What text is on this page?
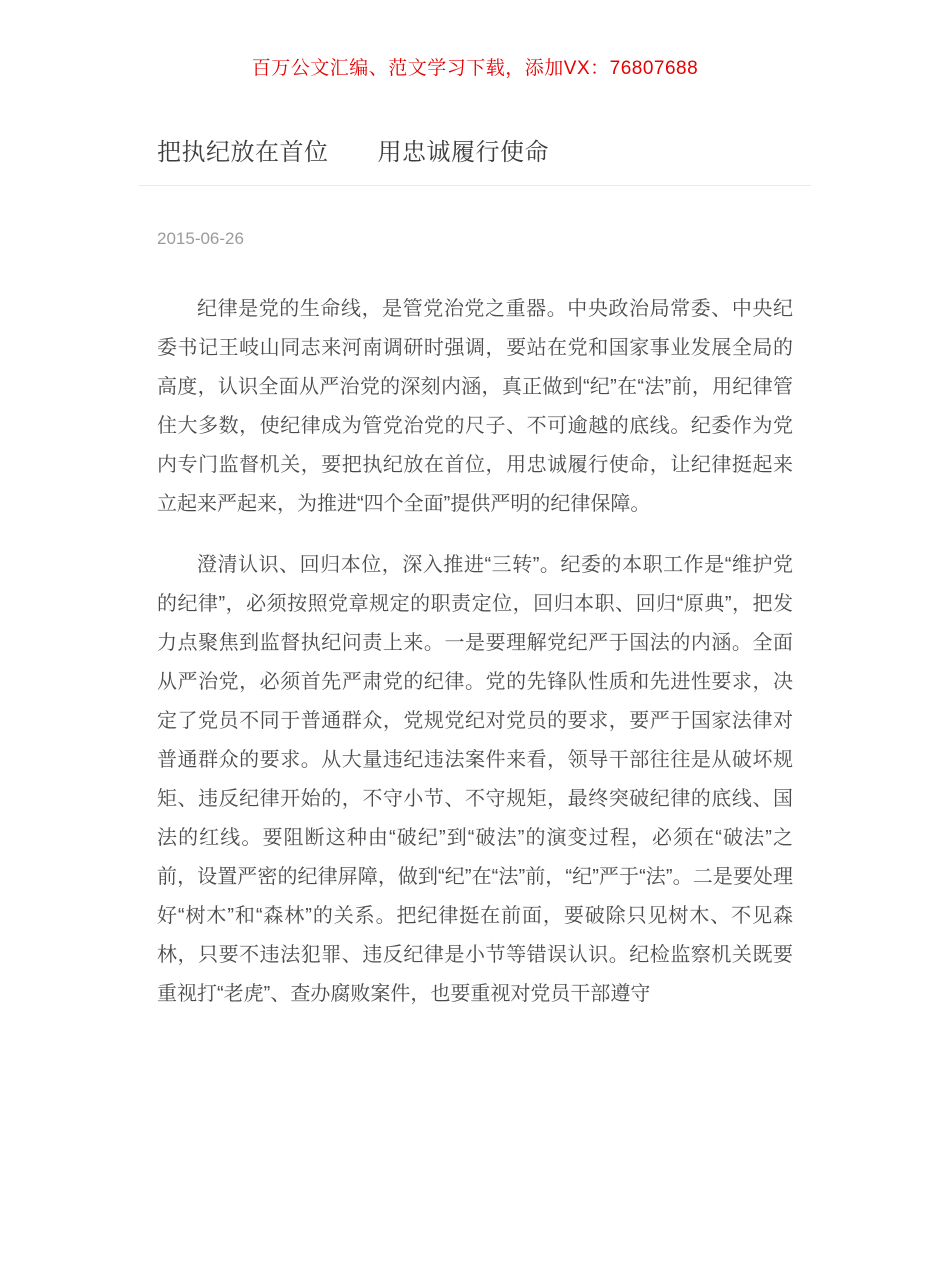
百万公文汇编、范文学习下载，添加VX：76807688
把执纪放在首位　　用忠诚履行使命
2015-06-26

纪律是党的生命线，是管党治党之重器。中央政治局常委、中央纪委书记王岐山同志来河南调研时强调，要站在党和国家事业发展全局的高度，认识全面从严治党的深刻内涵，真正做到“纪”在“法”前，用纪律管住大多数，使纪律成为管党治党的尺子、不可逾越的底线。纪委作为党内专门监督机关，要把执纪放在首位，用忠诚履行使命，让纪律挺起来立起来严起来，为推进“四个全面”提供严明的纪律保障。

澄清认识、回归本位，深入推进“三转”。纪委的本职工作是“维护党的纪律”，必须按照党章规定的职责定位，回归本职、回归“原典”，把发力点聚焦到监督执纪问责上来。一是要理解党纪严于国法的内涵。全面从严治党，必须首先严肃党的纪律。党的先锋队性质和先进性要求，决定了党员不同于普通群众，党规党纪对党员的要求，要严于国家法律对普通群众的要求。从大量违纪违法案件来看，领导干部往往是从破坏规矩、违反纪律开始的，不守小节、不守规矩，最终突破纪律的底线、国法的红线。要阻断这种由“破纪”到“破法”的演变过程，必须在“破法”之前，设置严密的纪律屏障，做到“纪”在“法”前，“纪”严于“法”。二是要处理好“树木”和“森林”的关系。把纪律挺在前面，要破除只见树木、不见森林，只要不违法犯罪、违反纪律是小节等错误认识。纪检监察机关既要重视打“老虎”、查办腐败案件，也要重视对党员干部遵守
